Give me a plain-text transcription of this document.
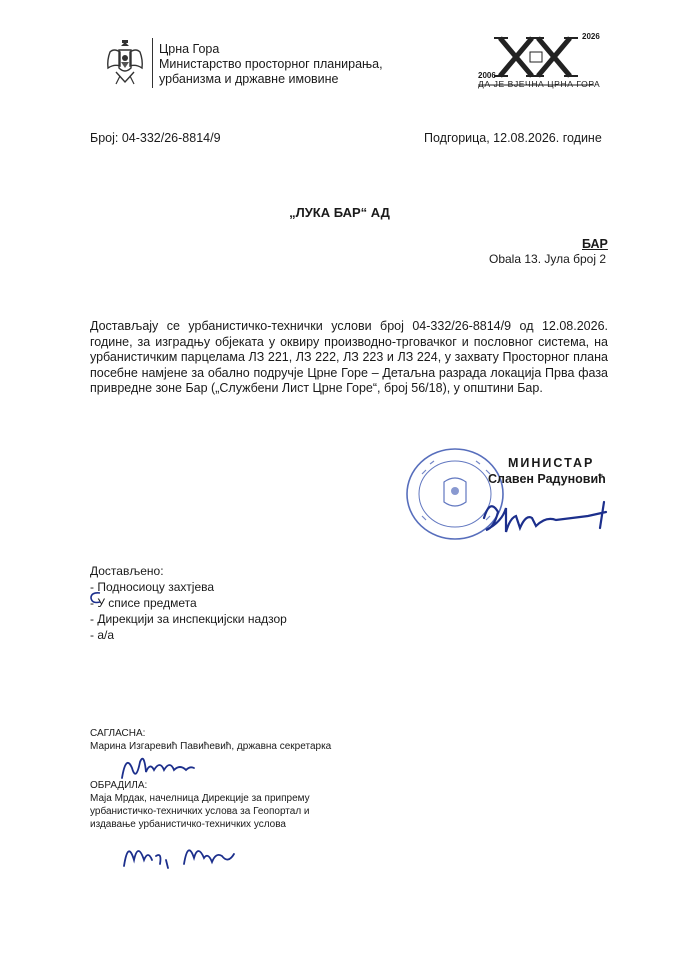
Црна Гора
Министарство просторног планирања,
урбанизма и државне имовине	2006
2026
ДА ЈЕ ВЈЕЧНА ЦРНА ГОРА
Број: 04-332/26-8814/9	Подгорица, 12.08.2026. године
„ЛУКА БАР“ АД
БАР
Obala 13. Јула број 2
Достављају се урбанистичко-технички услови број 04-332/26-8814/9 од 12.08.2026. године, за изградњу објеката у оквиру производно-трговачког и пословног система, на урбанистичким парцелама ЛЗ 221, ЛЗ 222, ЛЗ 223 и ЛЗ 224, у захвату Просторног плана посебне намјене за обално подручје Црне Горе – Детаљна разрада локација Прва фаза привредне зоне Бар („Службени Лист Црне Горе“, број 56/18), у општини Бар.
МИНИСТАР
Славен Радуновић
Достављено:
- Подносиоцу захтјева
- У списе предмета
- Дирекцији за инспекцијски надзор
- а/а
САГЛАСНА:
Марина Изгаревић Павићевић, државна секретарка
ОБРАДИЛА:
Маја Мрдак, начелница Дирекције за припрему
урбанистичко-техничких услова за Геопортал и
издавање урбанистичко-техничких услова
